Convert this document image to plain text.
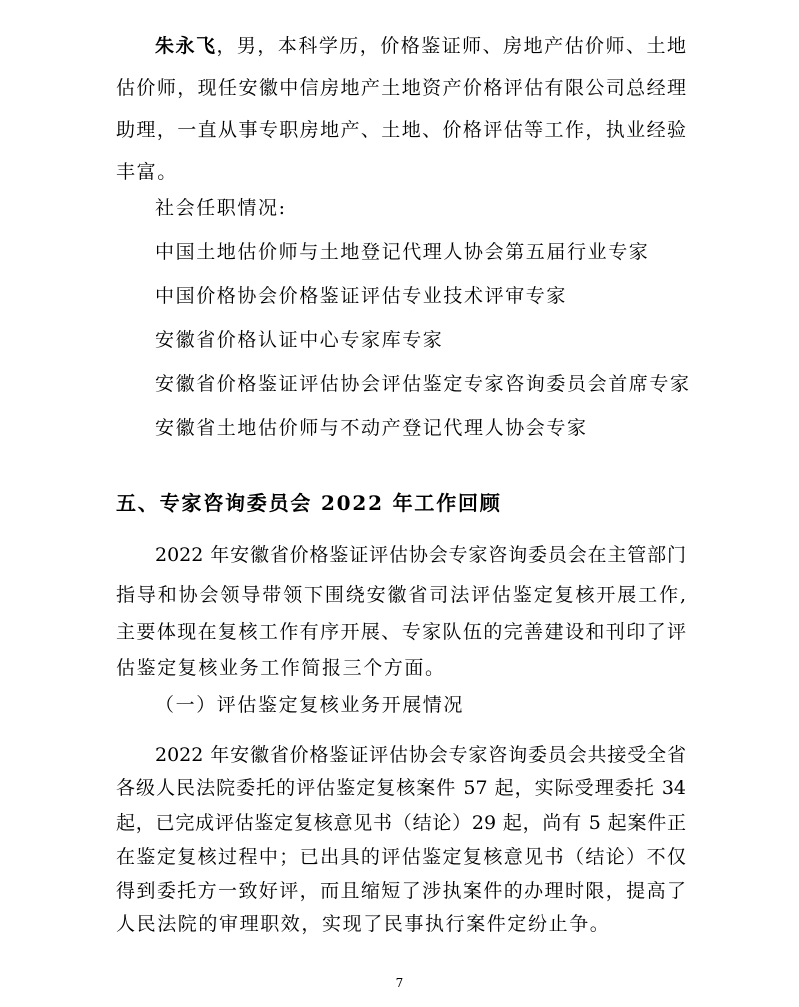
朱永飞，男，本科学历，价格鉴证师、房地产估价师、土地

估价师，现任安徽中信房地产土地资产价格评估有限公司总经理

助理，一直从事专职房地产、土地、价格评估等工作，执业经验

丰富。

社会任职情况:

中国土地估价师与土地登记代理人协会第五届行业专家

中国价格协会价格鉴证评估专业技术评审专家

安徽省价格认证中心专家库专家

安徽省价格鉴证评估协会评估鉴定专家咨询委员会首席专家

安徽省土地估价师与不动产登记代理人协会专家

五、专家咨询委员会 2022 年工作回顾

2022 年安徽省价格鉴证评估协会专家咨询委员会在主管部门

指导和协会领导带领下围绕安徽省司法评估鉴定复核开展工作,

主要体现在复核工作有序开展、专家队伍的完善建设和刊印了评

估鉴定复核业务工作简报三个方面。

（一）评估鉴定复核业务开展情况

2022 年安徽省价格鉴证评估协会专家咨询委员会共接受全省

各级人民法院委托的评估鉴定复核案件 57 起，实际受理委托 34

起，已完成评估鉴定复核意见书（结论）29 起，尚有 5 起案件正

在鉴定复核过程中；已出具的评估鉴定复核意见书（结论）不仅

得到委托方一致好评，而且缩短了涉执案件的办理时限，提高了

人民法院的审理职效，实现了民事执行案件定纷止争。

7
